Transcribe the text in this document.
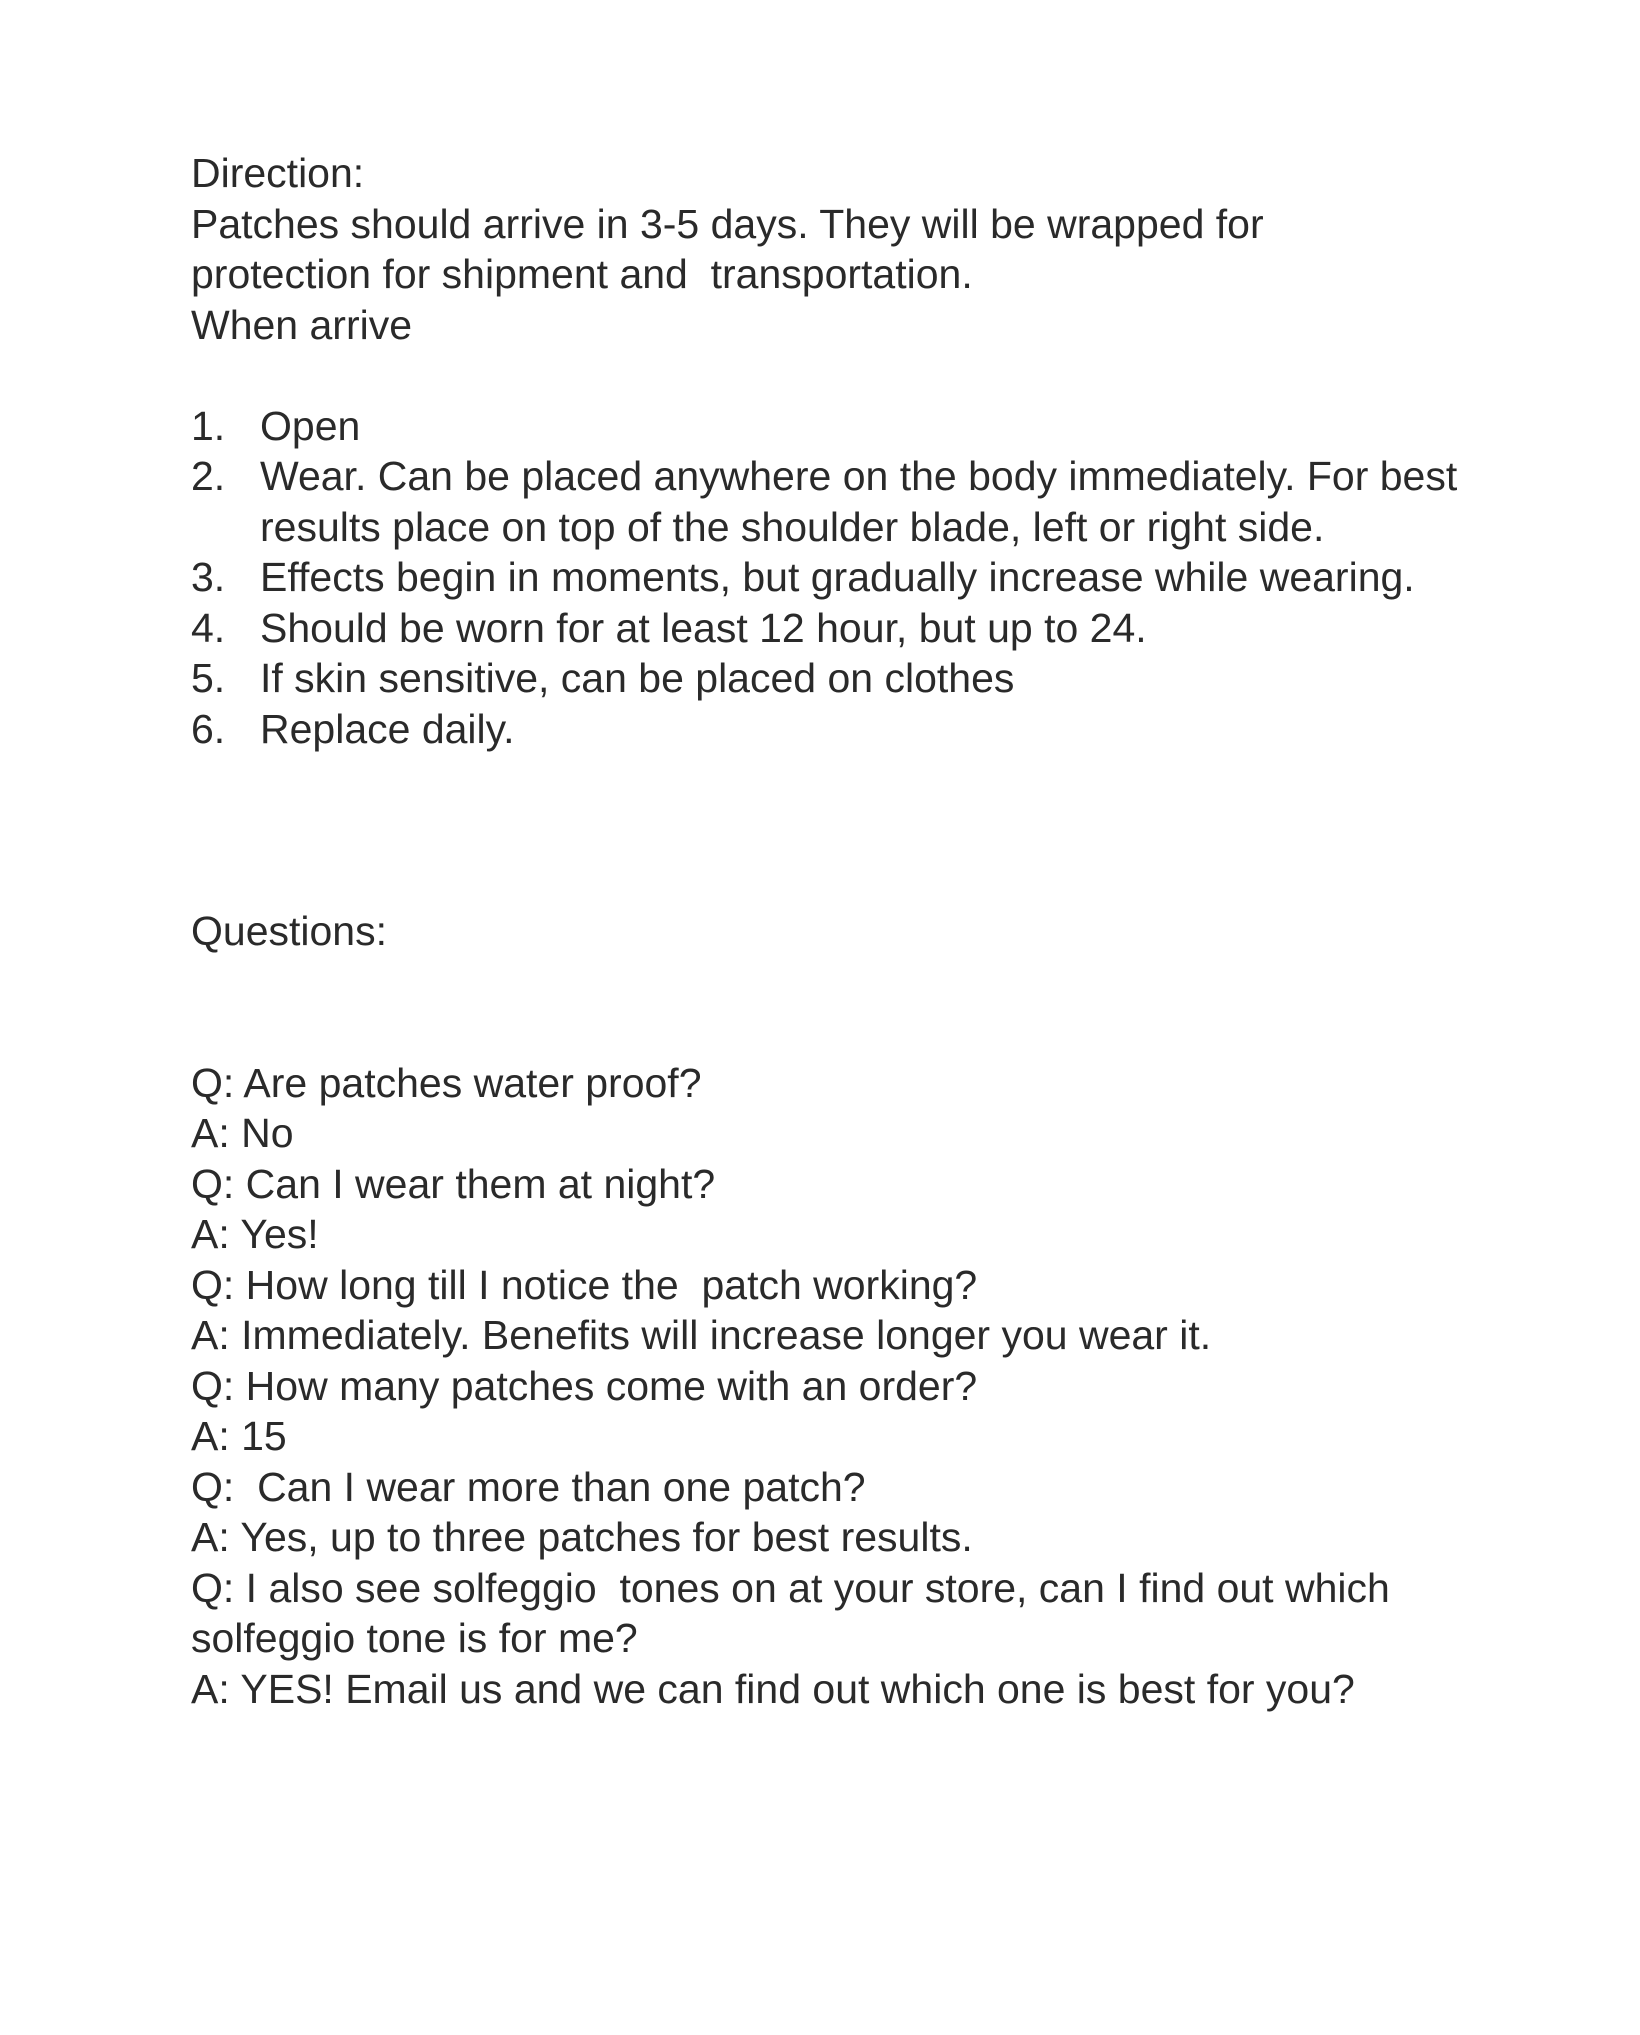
Direction:

Patches should arrive in 3-5 days. They will be wrapped for

protection for shipment and  transportation.

When arrive

1. Open
2. Wear. Can be placed anywhere on the body immediately. For best results place on top of the shoulder blade, left or right side.
3. Effects begin in moments, but gradually increase while wearing.
4. Should be worn for at least 12 hour, but up to 24.
5. If skin sensitive, can be placed on clothes
6. Replace daily.

Questions:

Q: Are patches water proof?

A: No

Q: Can I wear them at night?

A: Yes!

Q: How long till I notice the  patch working?

A: Immediately. Benefits will increase longer you wear it.

Q: How many patches come with an order?

A: 15

Q:  Can I wear more than one patch?

A: Yes, up to three patches for best results.

Q: I also see solfeggio  tones on at your store, can I find out which solfeggio tone is for me?

A: YES! Email us and we can find out which one is best for you?
